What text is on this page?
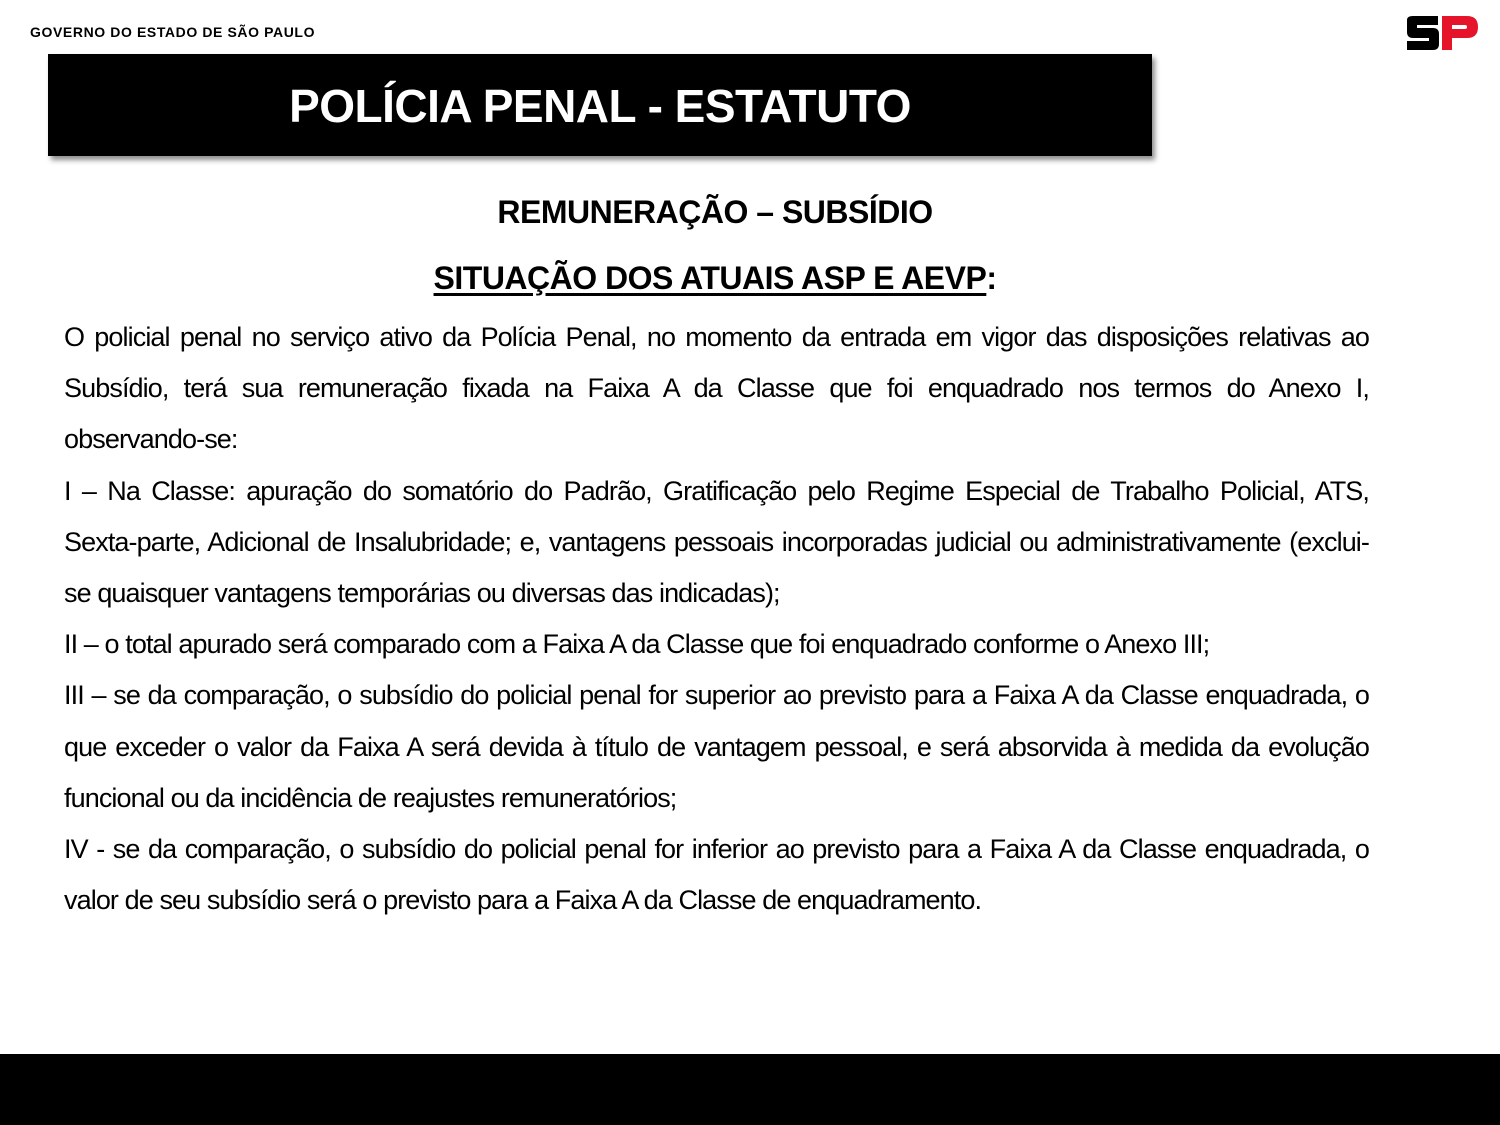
GOVERNO DO ESTADO DE SÃO PAULO
POLÍCIA PENAL - ESTATUTO
REMUNERAÇÃO – SUBSÍDIO
SITUAÇÃO DOS ATUAIS ASP E AEVP:

O policial penal no serviço ativo da Polícia Penal, no momento da entrada em vigor das disposições relativas ao Subsídio, terá sua remuneração fixada na Faixa A da Classe que foi enquadrado nos termos do Anexo I, observando-se:

I – Na Classe: apuração do somatório do Padrão, Gratificação pelo Regime Especial de Trabalho Policial, ATS, Sexta-parte, Adicional de Insalubridade; e, vantagens pessoais incorporadas judicial ou administrativamente (exclui-se quaisquer vantagens temporárias ou diversas das indicadas);

II – o total apurado será comparado com a Faixa A da Classe que foi enquadrado conforme o Anexo III;

III – se da comparação, o subsídio do policial penal for superior ao previsto para a Faixa A da Classe enquadrada, o que exceder o valor da Faixa A será devida à título de vantagem pessoal, e será absorvida à medida da evolução funcional ou da incidência de reajustes remuneratórios;

IV - se da comparação, o subsídio do policial penal for inferior ao previsto para a Faixa A da Classe enquadrada, o valor de seu subsídio será o previsto para a Faixa A da Classe de enquadramento.
